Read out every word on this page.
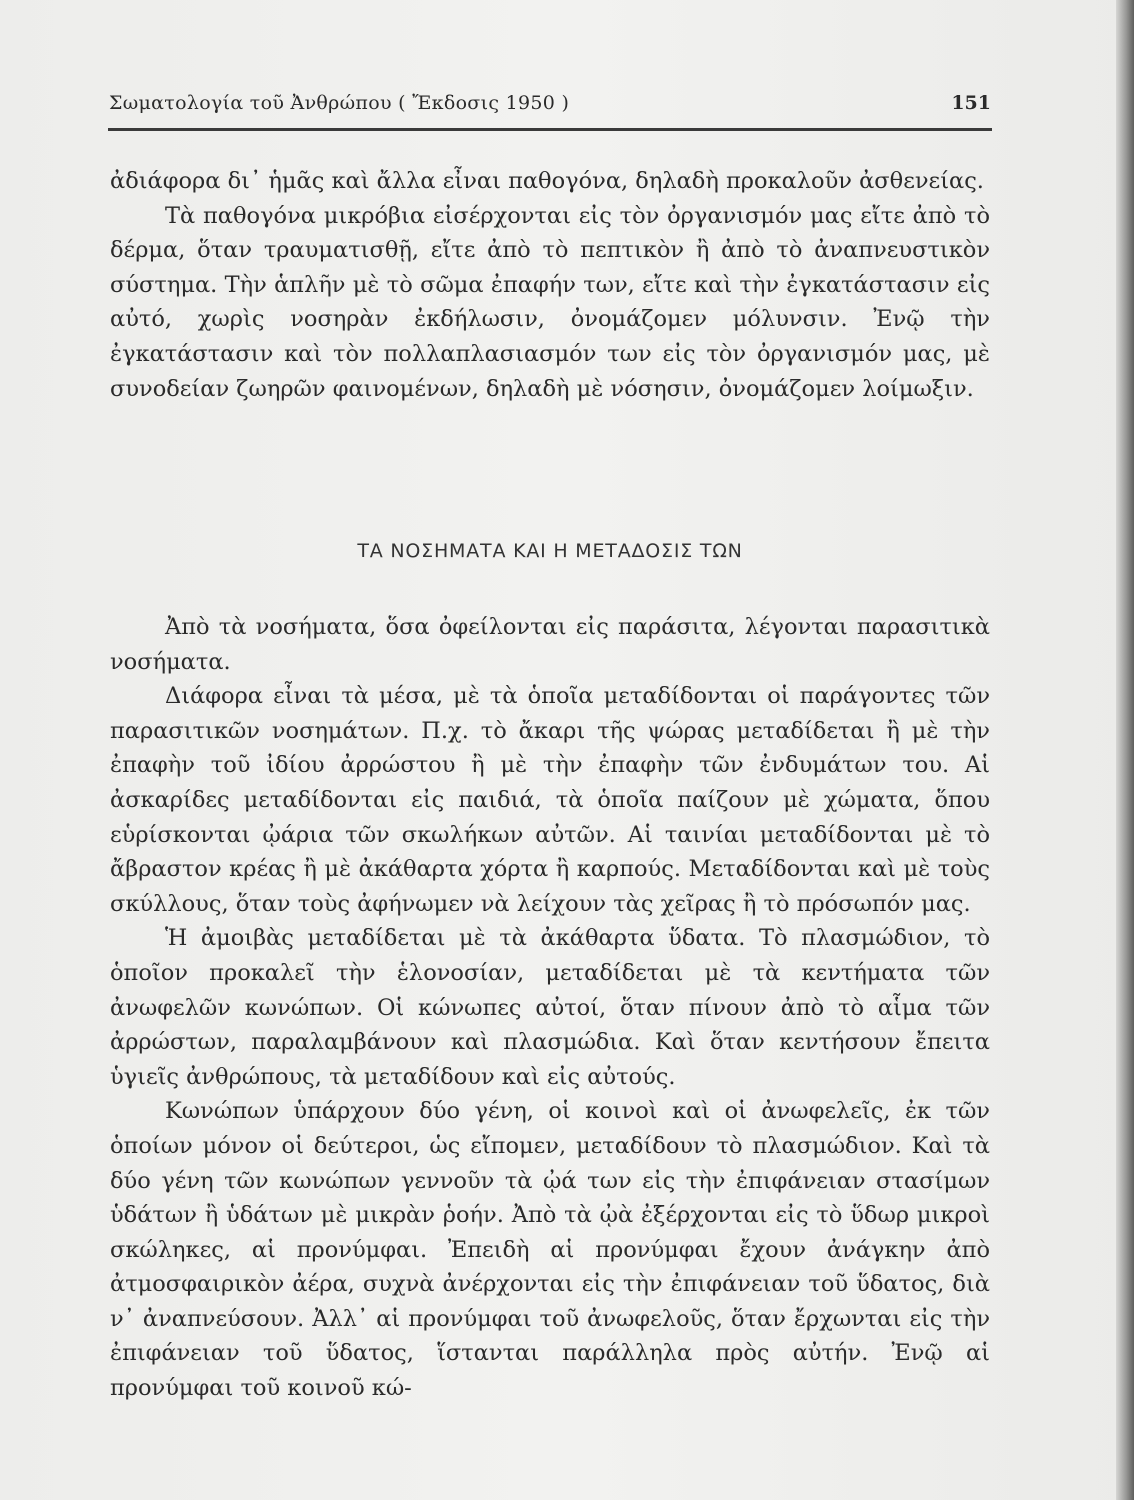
Σωματολογία τοῦ Ἀνθρώπου ( Ἔκδοσις 1950 )	151

ἀδιάφορα δι᾿ ἡμᾶς καὶ ἄλλα εἶναι παθογόνα, δηλαδὴ προκαλοῦν ἀσθενείας.

Τὰ παθογόνα μικρόβια εἰσέρχονται εἰς τὸν ὀργανισμόν μας εἴτε ἀπὸ τὸ δέρμα, ὅταν τραυματισθῇ, εἴτε ἀπὸ τὸ πεπτικὸν ἢ ἀπὸ τὸ ἀναπνευστικὸν σύστημα. Τὴν ἁπλῆν μὲ τὸ σῶμα ἐπαφήν των, εἴτε καὶ τὴν ἐγκατάστασιν εἰς αὐτό, χωρὶς νοσηρὰν ἐκδήλωσιν, ὀνομάζομεν μόλυνσιν. Ἐνῷ τὴν ἐγκατάστασιν καὶ τὸν πολλαπλασιασμόν των εἰς τὸν ὀργανισμόν μας, μὲ συνοδείαν ζωηρῶν φαινομένων, δηλαδὴ μὲ νόσησιν, ὀνομάζομεν λοίμωξιν.

ΤΑ ΝΟΣΗΜΑΤΑ ΚΑΙ Η ΜΕΤΑΔΟΣΙΣ ΤΩΝ

Ἀπὸ τὰ νοσήματα, ὅσα ὀφείλονται εἰς παράσιτα, λέγονται παρασιτικὰ νοσήματα.

Διάφορα εἶναι τὰ μέσα, μὲ τὰ ὁποῖα μεταδίδονται οἱ παράγοντες τῶν παρασιτικῶν νοσημάτων. Π.χ. τὸ ἄκαρι τῆς ψώρας μεταδίδεται ἢ μὲ τὴν ἐπαφὴν τοῦ ἰδίου ἀρρώστου ἢ μὲ τὴν ἐπαφὴν τῶν ἐνδυμάτων του. Αἱ ἀσκαρίδες μεταδίδονται εἰς παιδιά, τὰ ὁποῖα παίζουν μὲ χώματα, ὅπου εὑρίσκονται ᾠάρια τῶν σκωλήκων αὐτῶν. Αἱ ταινίαι μεταδίδονται μὲ τὸ ἄβραστον κρέας ἢ μὲ ἀκάθαρτα χόρτα ἢ καρπούς. Μεταδίδονται καὶ μὲ τοὺς σκύλλους, ὅταν τοὺς ἀφήνωμεν νὰ λείχουν τὰς χεῖρας ἢ τὸ πρόσωπόν μας.

Ἡ ἀμοιβὰς μεταδίδεται μὲ τὰ ἀκάθαρτα ὕδατα. Τὸ πλασμώδιον, τὸ ὁποῖον προκαλεῖ τὴν ἑλονοσίαν, μεταδίδεται μὲ τὰ κεντήματα τῶν ἀνωφελῶν κωνώπων. Οἱ κώνωπες αὐτοί, ὅταν πίνουν ἀπὸ τὸ αἷμα τῶν ἀρρώστων, παραλαμβάνουν καὶ πλασμώδια. Καὶ ὅταν κεντήσουν ἔπειτα ὑγιεῖς ἀνθρώπους, τὰ μεταδίδουν καὶ εἰς αὐτούς.

Κωνώπων ὑπάρχουν δύο γένη, οἱ κοινοὶ καὶ οἱ ἀνωφελεῖς, ἐκ τῶν ὁποίων μόνον οἱ δεύτεροι, ὡς εἴπομεν, μεταδίδουν τὸ πλασμώδιον. Καὶ τὰ δύο γένη τῶν κωνώπων γεννοῦν τὰ ᾠά των εἰς τὴν ἐπιφάνειαν στασίμων ὑδάτων ἢ ὑδάτων μὲ μικρὰν ῥοήν. Ἀπὸ τὰ ᾠὰ ἐξέρχονται εἰς τὸ ὕδωρ μικροὶ σκώληκες, αἱ προνύμφαι. Ἐπειδὴ αἱ προνύμφαι ἔχουν ἀνάγκην ἀπὸ ἀτμοσφαιρικὸν ἀέρα, συχνὰ ἀνέρχονται εἰς τὴν ἐπιφάνειαν τοῦ ὕδατος, διὰ ν᾿ ἀναπνεύσουν. Ἀλλ᾿ αἱ προνύμφαι τοῦ ἀνωφελοῦς, ὅταν ἔρχωνται εἰς τὴν ἐπιφάνειαν τοῦ ὕδατος, ἵστανται παράλληλα πρὸς αὐτήν. Ἐνῷ αἱ προνύμφαι τοῦ κοινοῦ κώ-
